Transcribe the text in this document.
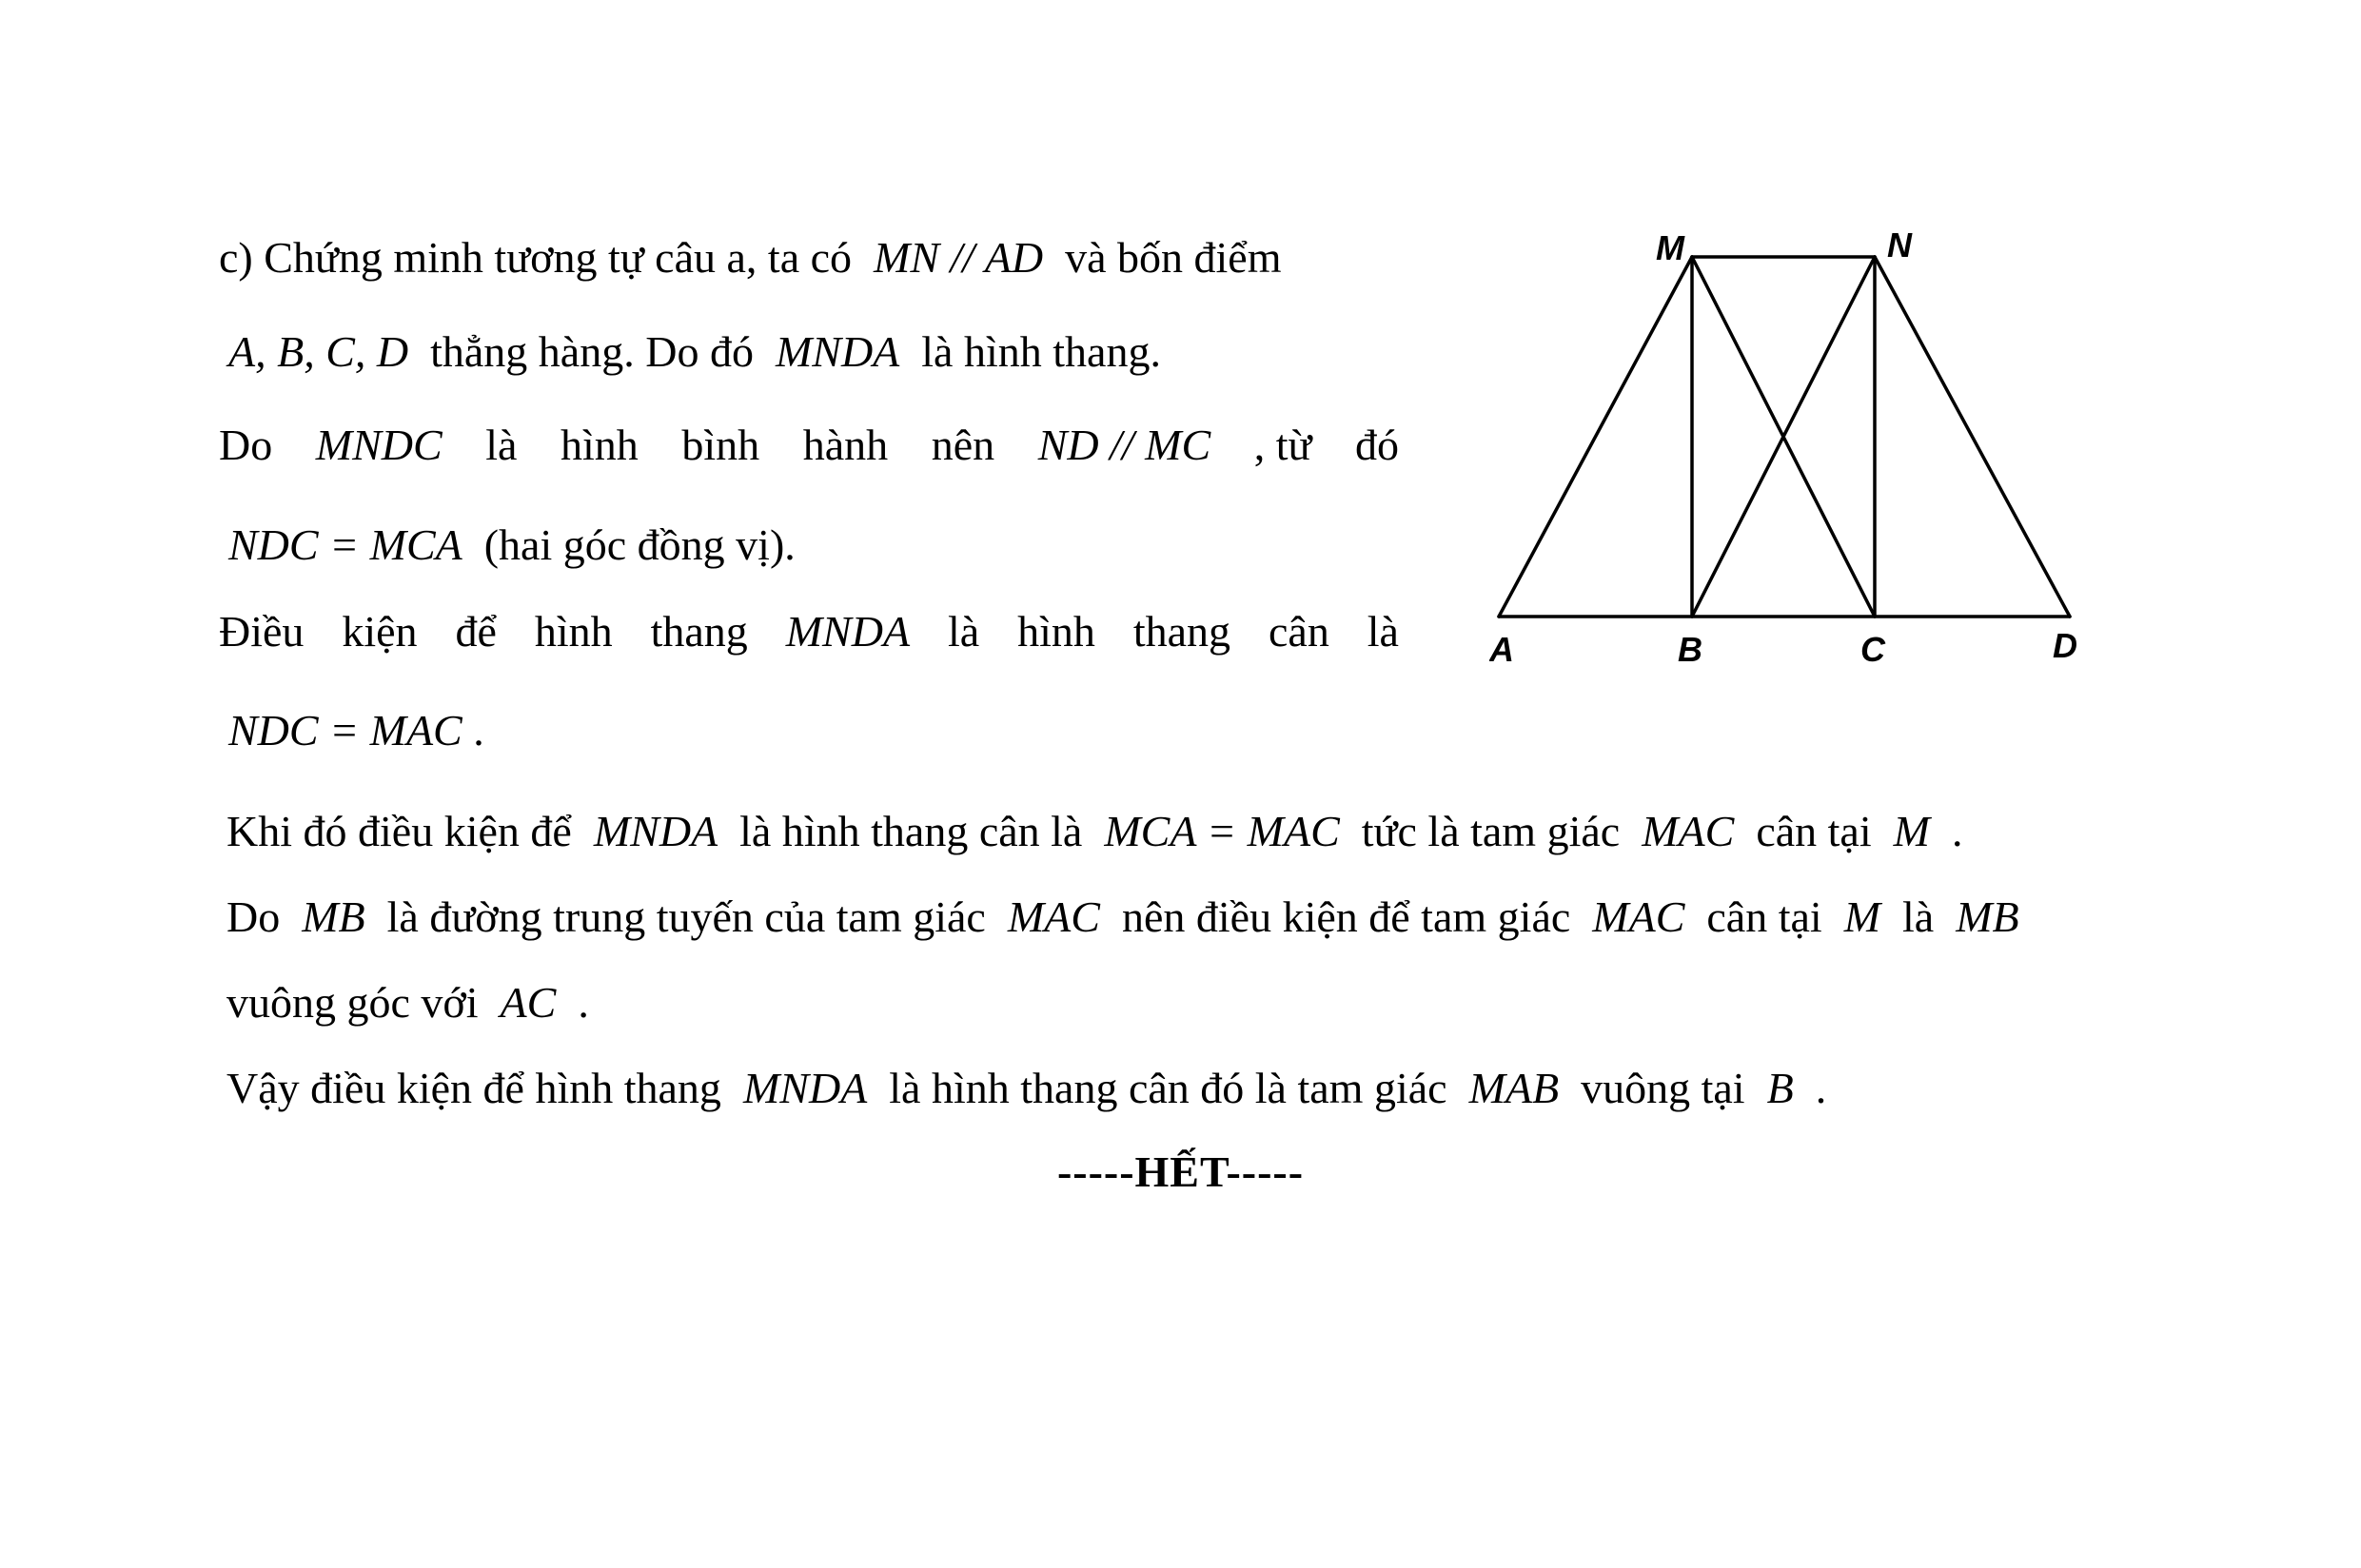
c) Chứng minh tương tự câu a, ta có MN // AD và bốn điểm
A, B, C, D thẳng hàng. Do đó MNDA là hình thang.
Do MNDC là hình bình hành nên ND // MC , từ đó
NDC = MCA (hai góc đồng vị).
Điều kiện để hình thang MNDA là hình thang cân là
NDC = MAC .
Khi đó điều kiện để MNDA là hình thang cân là MCA = MAC tức là tam giác MAC cân tại M .
Do MB là đường trung tuyến của tam giác MAC nên điều kiện để tam giác MAC cân tại M là MB
vuông góc với AC .
Vậy điều kiện để hình thang MNDA là hình thang cân đó là tam giác MAB vuông tại B .
-----HẾT-----
M	N
A	B	C	D
